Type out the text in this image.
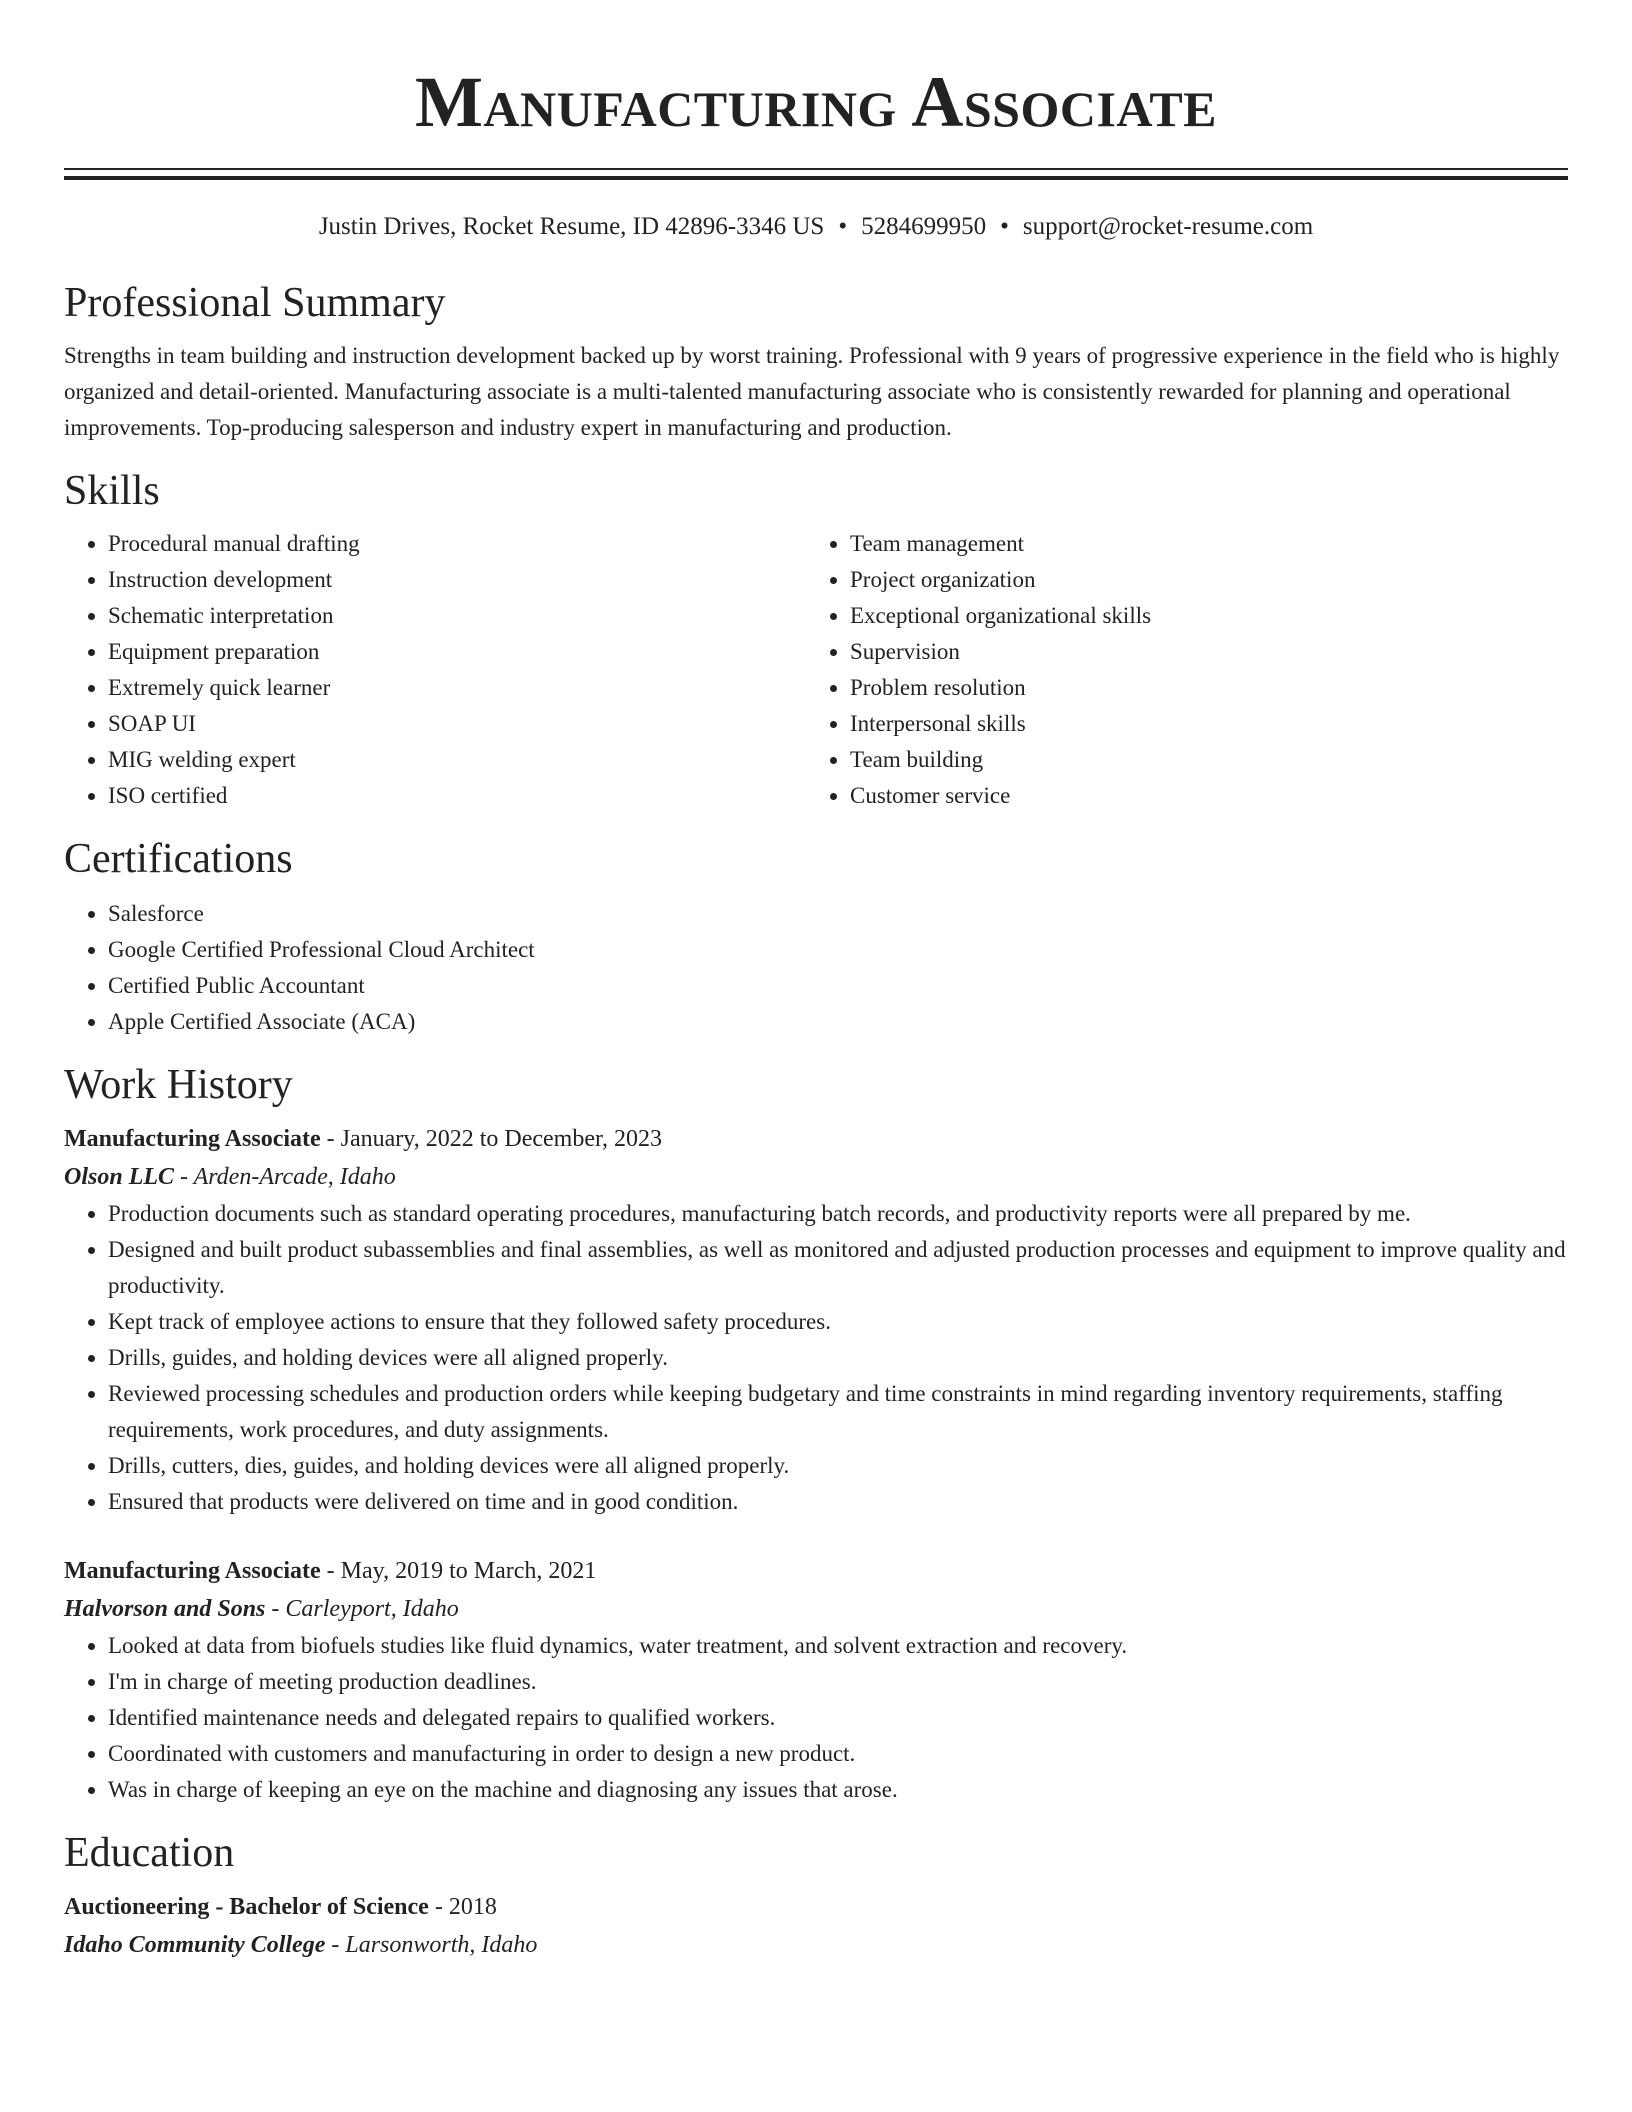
Manufacturing Associate
Justin Drives, Rocket Resume, ID 42896-3346 US • 5284699950 • support@rocket-resume.com
Professional Summary
Strengths in team building and instruction development backed up by worst training. Professional with 9 years of progressive experience in the field who is highly organized and detail-oriented. Manufacturing associate is a multi-talented manufacturing associate who is consistently rewarded for planning and operational improvements. Top-producing salesperson and industry expert in manufacturing and production.
Skills
• Procedural manual drafting
• Instruction development
• Schematic interpretation
• Equipment preparation
• Extremely quick learner
• SOAP UI
• MIG welding expert
• ISO certified
• Team management
• Project organization
• Exceptional organizational skills
• Supervision
• Problem resolution
• Interpersonal skills
• Team building
• Customer service
Certifications
• Salesforce
• Google Certified Professional Cloud Architect
• Certified Public Accountant
• Apple Certified Associate (ACA)
Work History
Manufacturing Associate - January, 2022 to December, 2023
Olson LLC - Arden-Arcade, Idaho
• Production documents such as standard operating procedures, manufacturing batch records, and productivity reports were all prepared by me.
• Designed and built product subassemblies and final assemblies, as well as monitored and adjusted production processes and equipment to improve quality and productivity.
• Kept track of employee actions to ensure that they followed safety procedures.
• Drills, guides, and holding devices were all aligned properly.
• Reviewed processing schedules and production orders while keeping budgetary and time constraints in mind regarding inventory requirements, staffing requirements, work procedures, and duty assignments.
• Drills, cutters, dies, guides, and holding devices were all aligned properly.
• Ensured that products were delivered on time and in good condition.
Manufacturing Associate - May, 2019 to March, 2021
Halvorson and Sons - Carleyport, Idaho
• Looked at data from biofuels studies like fluid dynamics, water treatment, and solvent extraction and recovery.
• I'm in charge of meeting production deadlines.
• Identified maintenance needs and delegated repairs to qualified workers.
• Coordinated with customers and manufacturing in order to design a new product.
• Was in charge of keeping an eye on the machine and diagnosing any issues that arose.
Education
Auctioneering - Bachelor of Science - 2018
Idaho Community College - Larsonworth, Idaho
